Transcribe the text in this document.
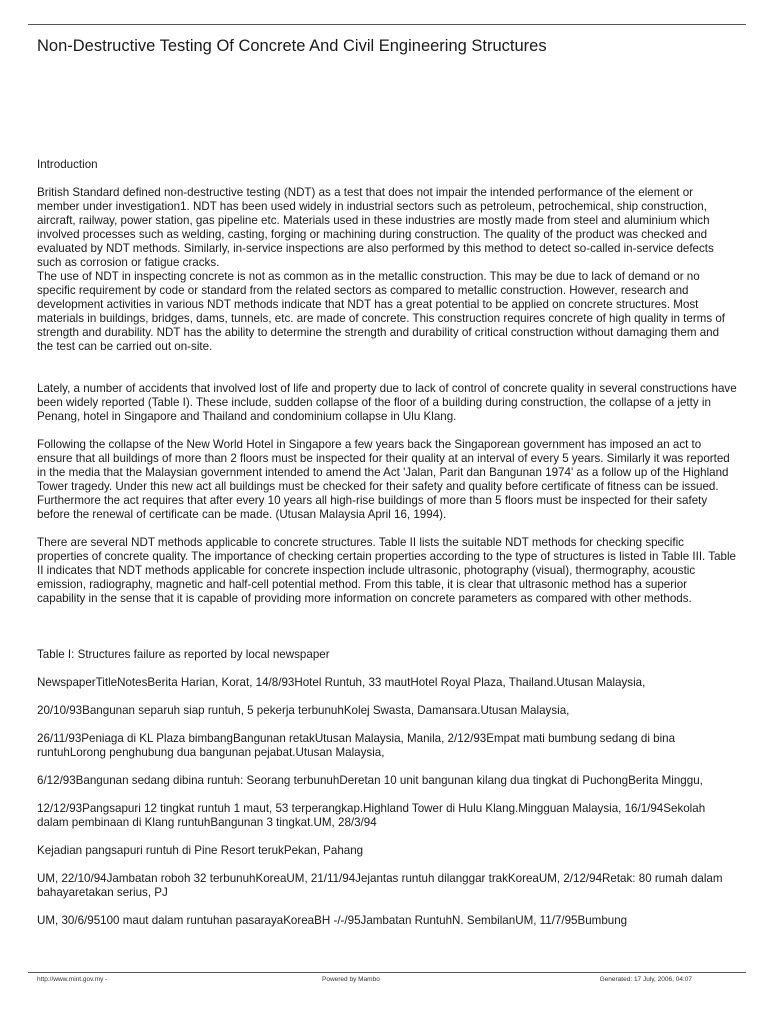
Non-Destructive Testing Of Concrete And Civil Engineering Structures

Introduction

British Standard defined non-destructive testing (NDT) as a test that does not impair the intended performance of the element or member under investigation1. NDT has been used widely in industrial sectors such as petroleum, petrochemical, ship construction, aircraft, railway, power station, gas pipeline etc. Materials used in these industries are mostly made from steel and aluminium which involved processes such as welding, casting, forging or machining during construction. The quality of the product was checked and evaluated by NDT methods. Similarly, in-service inspections are also performed by this method to detect so-called in-service defects such as corrosion or fatigue cracks.

The use of NDT in inspecting concrete is not as common as in the metallic construction. This may be due to lack of demand or no specific requirement by code or standard from the related sectors as compared to metallic construction. However, research and development activities in various NDT methods indicate that NDT has a great potential to be applied on concrete structures. Most materials in buildings, bridges, dams, tunnels, etc. are made of concrete. This construction requires concrete of high quality in terms of strength and durability. NDT has the ability to determine the strength and durability of critical construction without damaging them and the test can be carried out on-site.

Lately, a number of accidents that involved lost of life and property due to lack of control of concrete quality in several constructions have been widely reported (Table I). These include, sudden collapse of the floor of a building during construction, the collapse of a jetty in Penang, hotel in Singapore and Thailand and condominium collapse in Ulu Klang.

Following the collapse of the New World Hotel in Singapore a few years back the Singaporean government has imposed an act to ensure that all buildings of more than 2 floors must be inspected for their quality at an interval of every 5 years. Similarly it was reported in the media that the Malaysian government intended to amend the Act 'Jalan, Parit dan Bangunan 1974' as a follow up of the Highland Tower tragedy. Under this new act all buildings must be checked for their safety and quality before certificate of fitness can be issued. Furthermore the act requires that after every 10 years all high-rise buildings of more than 5 floors must be inspected for their safety before the renewal of certificate can be made. (Utusan Malaysia April 16, 1994).

There are several NDT methods applicable to concrete structures. Table II lists the suitable NDT methods for checking specific properties of concrete quality. The importance of checking certain properties according to the type of structures is listed in Table III. Table II indicates that NDT methods applicable for concrete inspection include ultrasonic, photography (visual), thermography, acoustic emission, radiography, magnetic and half-cell potential method. From this table, it is clear that ultrasonic method has a superior capability in the sense that it is capable of providing more information on concrete parameters as compared with other methods.

Table I: Structures failure as reported by local newspaper

NewspaperTitleNotesBerita Harian, Korat, 14/8/93Hotel Runtuh, 33 mautHotel Royal Plaza, Thailand.Utusan Malaysia,

20/10/93Bangunan separuh siap runtuh, 5 pekerja terbunuhKolej Swasta, Damansara.Utusan Malaysia,

26/11/93Peniaga di KL Plaza bimbangBangunan retakUtusan Malaysia, Manila, 2/12/93Empat mati bumbung sedang di bina runtuhLorong penghubung dua bangunan pejabat.Utusan Malaysia,

6/12/93Bangunan sedang dibina runtuh: Seorang terbunuhDeretan 10 unit bangunan kilang dua tingkat di PuchongBerita Minggu,

12/12/93Pangsapuri 12 tingkat runtuh 1 maut, 53 terperangkap.Highland Tower di Hulu Klang.Mingguan Malaysia, 16/1/94Sekolah dalam pembinaan di Klang runtuhBangunan 3 tingkat.UM, 28/3/94

Kejadian pangsapuri runtuh di Pine Resort terukPekan, Pahang

UM, 22/10/94Jambatan roboh 32 terbunuhKoreaUM, 21/11/94Jejantas runtuh dilanggar trakKoreaUM, 2/12/94Retak: 80 rumah dalam bahayaretakan serius, PJ

UM, 30/6/95100 maut dalam runtuhan pasarayaKoreaBH -/-/95Jambatan RuntuhN. SembilanUM, 11/7/95Bumbung

http://www.mint.gov.my -	Powered by Mambo	Generated: 17 July, 2006, 04:07
